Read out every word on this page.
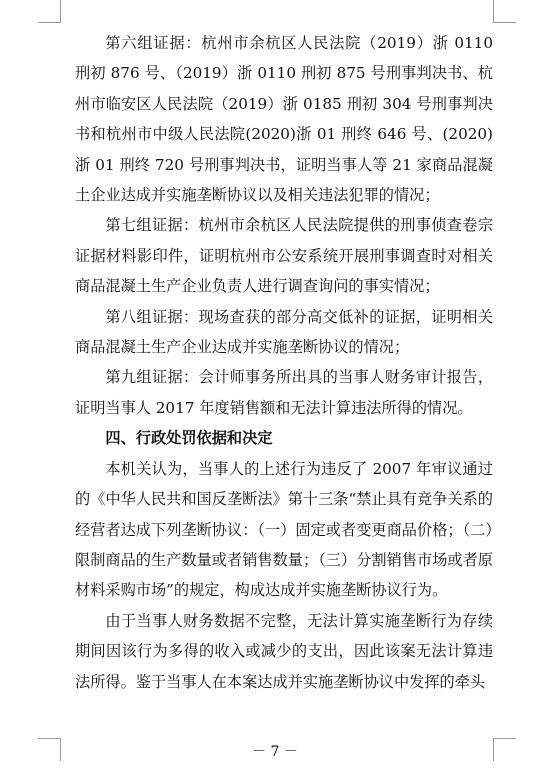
第六组证据：杭州市余杭区人民法院（2019）浙 0110 刑初 876 号、（2019）浙 0110 刑初 875 号刑事判决书、杭州市临安区人民法院（2019）浙 0185 刑初 304 号刑事判决书和杭州市中级人民法院(2020)浙 01 刑终 646 号、(2020)浙 01 刑终 720 号刑事判决书，证明当事人等 21 家商品混凝土企业达成并实施垄断协议以及相关违法犯罪的情况；

第七组证据：杭州市余杭区人民法院提供的刑事侦查卷宗证据材料影印件，证明杭州市公安系统开展刑事调查时对相关商品混凝土生产企业负责人进行调查询问的事实情况；

第八组证据：现场查获的部分高交低补的证据，证明相关商品混凝土生产企业达成并实施垄断协议的情况；

第九组证据：会计师事务所出具的当事人财务审计报告，证明当事人 2017 年度销售额和无法计算违法所得的情况。

四、行政处罚依据和决定

本机关认为，当事人的上述行为违反了 2007 年审议通过的《中华人民共和国反垄断法》第十三条“禁止具有竞争关系的经营者达成下列垄断协议：（一）固定或者变更商品价格；（二）限制商品的生产数量或者销售数量；（三）分割销售市场或者原材料采购市场”的规定，构成达成并实施垄断协议行为。

由于当事人财务数据不完整，无法计算实施垄断行为存续期间因该行为多得的收入或减少的支出，因此该案无法计算违法所得。鉴于当事人在本案达成并实施垄断协议中发挥的牵头

－ 7 －
